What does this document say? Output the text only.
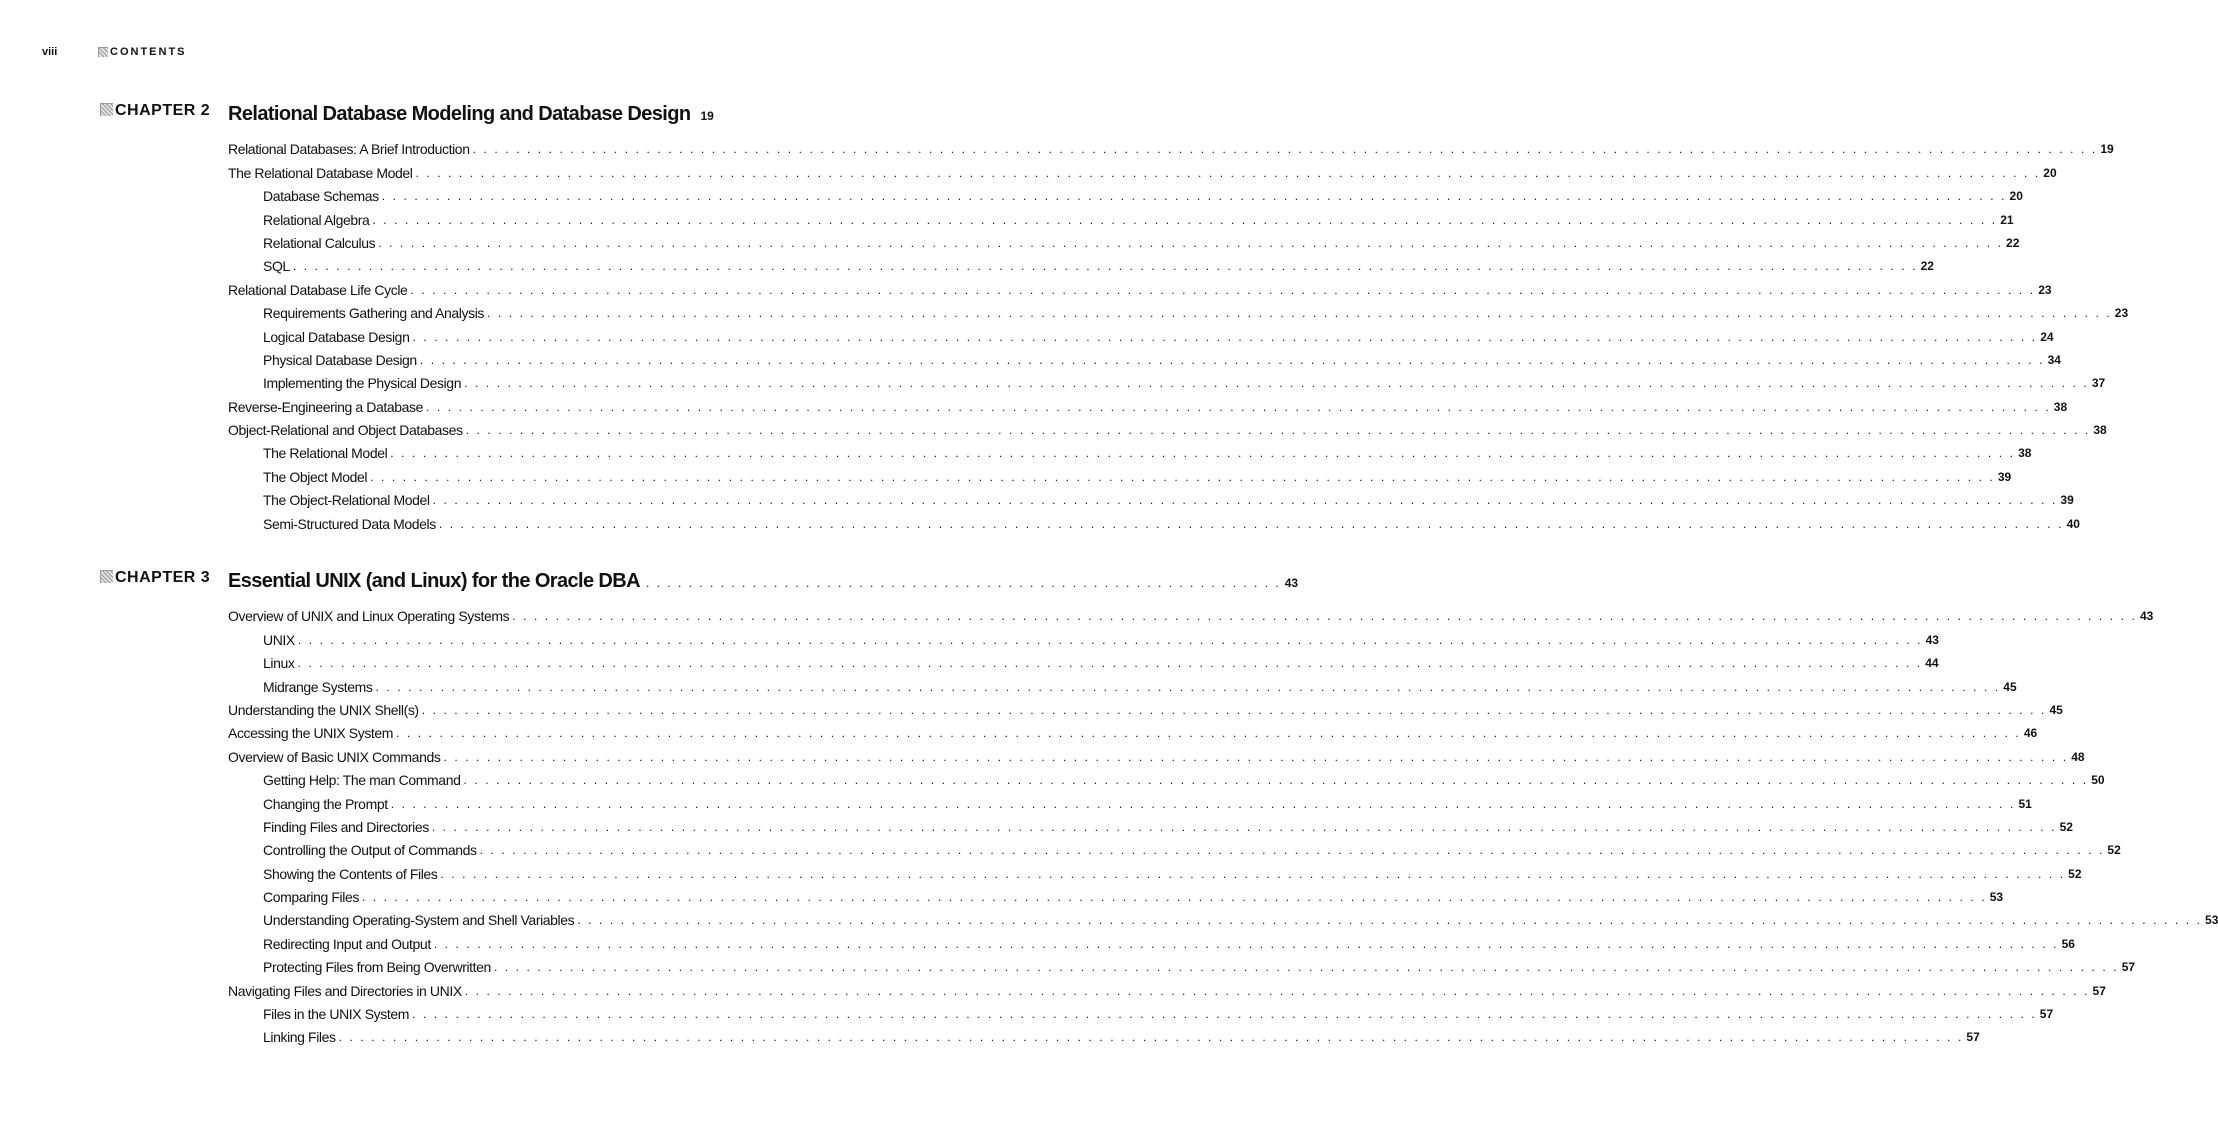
viii	CONTENTS
CHAPTER 2 Relational Database Modeling and Database Design 19
Relational Databases: A Brief Introduction . . . . . . . . . . . . . . . . . . . . . . . . . . . . . . . . . . . . . . . . . . . . . . . . . . . . . . . . . . . . . . . . . . . . . . . . . . . . . . . . . . . . . . . . . . . . . . . . . . . . . . . . . . . . . . . . . . . . . . . . . . . . . . . . . . . . . . . . . . . . . . . . . . . . . . 19
The Relational Database Model . . . . . . . . . . . . . . . . . . . . . . . . . . . . . . . . . . . . . . . . . . . . . . . . . . . . . . . . . . . . . . . . . . . . . . . . . . . . . . . . . . . . . . . . . . . . . . . . . . . . . . . . . . . . . . . . . . . . . . . . . . . . . . . . . . . . . . . . . . . . . . . . . . . . . . 20
Database Schemas . . . . . . . . . . . . . . . . . . . . . . . . . . . . . . . . . . . . . . . . . . . . . . . . . . . . . . . . . . . . . . . . . . . . . . . . . . . . . . . . . . . . . . . . . . . . . . . . . . . . . . . . . . . . . . . . . . . . . . . . . . . . . . . . . . . . . . . . . . . . . . . . . . . . . . 20
Relational Algebra . . . . . . . . . . . . . . . . . . . . . . . . . . . . . . . . . . . . . . . . . . . . . . . . . . . . . . . . . . . . . . . . . . . . . . . . . . . . . . . . . . . . . . . . . . . . . . . . . . . . . . . . . . . . . . . . . . . . . . . . . . . . . . . . . . . . . . . . . . . . . . . . . . . . . . 21
Relational Calculus . . . . . . . . . . . . . . . . . . . . . . . . . . . . . . . . . . . . . . . . . . . . . . . . . . . . . . . . . . . . . . . . . . . . . . . . . . . . . . . . . . . . . . . . . . . . . . . . . . . . . . . . . . . . . . . . . . . . . . . . . . . . . . . . . . . . . . . . . . . . . . . . . . . . . . 22
SQL . . . . . . . . . . . . . . . . . . . . . . . . . . . . . . . . . . . . . . . . . . . . . . . . . . . . . . . . . . . . . . . . . . . . . . . . . . . . . . . . . . . . . . . . . . . . . . . . . . . . . . . . . . . . . . . . . . . . . . . . . . . . . . . . . . . . . . . . . . . . . . . . . . . . . . 22
Relational Database Life Cycle . . . . . . . . . . . . . . . . . . . . . . . . . . . . . . . . . . . . . . . . . . . . . . . . . . . . . . . . . . . . . . . . . . . . . . . . . . . . . . . . . . . . . . . . . . . . . . . . . . . . . . . . . . . . . . . . . . . . . . . . . . . . . . . . . . . . . . . . . . . . . . . . . . . . . . 23
Requirements Gathering and Analysis . . . . . . . . . . . . . . . . . . . . . . . . . . . . . . . . . . . . . . . . . . . . . . . . . . . . . . . . . . . . . . . . . . . . . . . . . . . . . . . . . . . . . . . . . . . . . . . . . . . . . . . . . . . . . . . . . . . . . . . . . . . . . . . . . . . . . . . . . . . . . . . . . . . . . . 23
Logical Database Design . . . . . . . . . . . . . . . . . . . . . . . . . . . . . . . . . . . . . . . . . . . . . . . . . . . . . . . . . . . . . . . . . . . . . . . . . . . . . . . . . . . . . . . . . . . . . . . . . . . . . . . . . . . . . . . . . . . . . . . . . . . . . . . . . . . . . . . . . . . . . . . . . . . . . . 24
Physical Database Design . . . . . . . . . . . . . . . . . . . . . . . . . . . . . . . . . . . . . . . . . . . . . . . . . . . . . . . . . . . . . . . . . . . . . . . . . . . . . . . . . . . . . . . . . . . . . . . . . . . . . . . . . . . . . . . . . . . . . . . . . . . . . . . . . . . . . . . . . . . . . . . . . . . . . . 34
Implementing the Physical Design . . . . . . . . . . . . . . . . . . . . . . . . . . . . . . . . . . . . . . . . . . . . . . . . . . . . . . . . . . . . . . . . . . . . . . . . . . . . . . . . . . . . . . . . . . . . . . . . . . . . . . . . . . . . . . . . . . . . . . . . . . . . . . . . . . . . . . . . . . . . . . . . . . . . . . 37
Reverse-Engineering a Database . . . . . . . . . . . . . . . . . . . . . . . . . . . . . . . . . . . . . . . . . . . . . . . . . . . . . . . . . . . . . . . . . . . . . . . . . . . . . . . . . . . . . . . . . . . . . . . . . . . . . . . . . . . . . . . . . . . . . . . . . . . . . . . . . . . . . . . . . . . . . . . . . . . . . . 38
Object-Relational and Object Databases . . . . . . . . . . . . . . . . . . . . . . . . . . . . . . . . . . . . . . . . . . . . . . . . . . . . . . . . . . . . . . . . . . . . . . . . . . . . . . . . . . . . . . . . . . . . . . . . . . . . . . . . . . . . . . . . . . . . . . . . . . . . . . . . . . . . . . . . . . . . . . . . . . . . . . 38
The Relational Model . . . . . . . . . . . . . . . . . . . . . . . . . . . . . . . . . . . . . . . . . . . . . . . . . . . . . . . . . . . . . . . . . . . . . . . . . . . . . . . . . . . . . . . . . . . . . . . . . . . . . . . . . . . . . . . . . . . . . . . . . . . . . . . . . . . . . . . . . . . . . . . . . . . . . . 38
The Object Model . . . . . . . . . . . . . . . . . . . . . . . . . . . . . . . . . . . . . . . . . . . . . . . . . . . . . . . . . . . . . . . . . . . . . . . . . . . . . . . . . . . . . . . . . . . . . . . . . . . . . . . . . . . . . . . . . . . . . . . . . . . . . . . . . . . . . . . . . . . . . . . . . . . . . . 39
The Object-Relational Model . . . . . . . . . . . . . . . . . . . . . . . . . . . . . . . . . . . . . . . . . . . . . . . . . . . . . . . . . . . . . . . . . . . . . . . . . . . . . . . . . . . . . . . . . . . . . . . . . . . . . . . . . . . . . . . . . . . . . . . . . . . . . . . . . . . . . . . . . . . . . . . . . . . . . . 39
Semi-Structured Data Models . . . . . . . . . . . . . . . . . . . . . . . . . . . . . . . . . . . . . . . . . . . . . . . . . . . . . . . . . . . . . . . . . . . . . . . . . . . . . . . . . . . . . . . . . . . . . . . . . . . . . . . . . . . . . . . . . . . . . . . . . . . . . . . . . . . . . . . . . . . . . . . . . . . . . . 40
CHAPTER 3 Essential UNIX (and Linux) for the Oracle DBA . . . . . . . . . . . . . . . . . . . . . . . . . . . . . . . . . . . . . . . . . . . . . . . . . . . . . . . . . . . . 43
Overview of UNIX and Linux Operating Systems . . . . . . . . . . . . . . . . . . . . . . . . . . . . . . . . . . . . . . . . . . . . . . . . . . . . . . . . . . . . . . . . . . . . . . . . . . . . . . . . . . . . . . . . . . . . . . . . . . . . . . . . . . . . . . . . . . . . . . . . . . . . . . . . . . . . . . . . . . . . . . . . . . . . . . 43
UNIX . . . . . . . . . . . . . . . . . . . . . . . . . . . . . . . . . . . . . . . . . . . . . . . . . . . . . . . . . . . . . . . . . . . . . . . . . . . . . . . . . . . . . . . . . . . . . . . . . . . . . . . . . . . . . . . . . . . . . . . . . . . . . . . . . . . . . . . . . . . . . . . . . . . . . . 43
Linux . . . . . . . . . . . . . . . . . . . . . . . . . . . . . . . . . . . . . . . . . . . . . . . . . . . . . . . . . . . . . . . . . . . . . . . . . . . . . . . . . . . . . . . . . . . . . . . . . . . . . . . . . . . . . . . . . . . . . . . . . . . . . . . . . . . . . . . . . . . . . . . . . . . . . . 44
Midrange Systems . . . . . . . . . . . . . . . . . . . . . . . . . . . . . . . . . . . . . . . . . . . . . . . . . . . . . . . . . . . . . . . . . . . . . . . . . . . . . . . . . . . . . . . . . . . . . . . . . . . . . . . . . . . . . . . . . . . . . . . . . . . . . . . . . . . . . . . . . . . . . . . . . . . . . . 45
Understanding the UNIX Shell(s) . . . . . . . . . . . . . . . . . . . . . . . . . . . . . . . . . . . . . . . . . . . . . . . . . . . . . . . . . . . . . . . . . . . . . . . . . . . . . . . . . . . . . . . . . . . . . . . . . . . . . . . . . . . . . . . . . . . . . . . . . . . . . . . . . . . . . . . . . . . . . . . . . . . . . . 45
Accessing the UNIX System . . . . . . . . . . . . . . . . . . . . . . . . . . . . . . . . . . . . . . . . . . . . . . . . . . . . . . . . . . . . . . . . . . . . . . . . . . . . . . . . . . . . . . . . . . . . . . . . . . . . . . . . . . . . . . . . . . . . . . . . . . . . . . . . . . . . . . . . . . . . . . . . . . . . . . 46
Overview of Basic UNIX Commands . . . . . . . . . . . . . . . . . . . . . . . . . . . . . . . . . . . . . . . . . . . . . . . . . . . . . . . . . . . . . . . . . . . . . . . . . . . . . . . . . . . . . . . . . . . . . . . . . . . . . . . . . . . . . . . . . . . . . . . . . . . . . . . . . . . . . . . . . . . . . . . . . . . . . . 48
Getting Help: The man Command . . . . . . . . . . . . . . . . . . . . . . . . . . . . . . . . . . . . . . . . . . . . . . . . . . . . . . . . . . . . . . . . . . . . . . . . . . . . . . . . . . . . . . . . . . . . . . . . . . . . . . . . . . . . . . . . . . . . . . . . . . . . . . . . . . . . . . . . . . . . . . . . . . . . . . 50
Changing the Prompt . . . . . . . . . . . . . . . . . . . . . . . . . . . . . . . . . . . . . . . . . . . . . . . . . . . . . . . . . . . . . . . . . . . . . . . . . . . . . . . . . . . . . . . . . . . . . . . . . . . . . . . . . . . . . . . . . . . . . . . . . . . . . . . . . . . . . . . . . . . . . . . . . . . . . . 51
Finding Files and Directories . . . . . . . . . . . . . . . . . . . . . . . . . . . . . . . . . . . . . . . . . . . . . . . . . . . . . . . . . . . . . . . . . . . . . . . . . . . . . . . . . . . . . . . . . . . . . . . . . . . . . . . . . . . . . . . . . . . . . . . . . . . . . . . . . . . . . . . . . . . . . . . . . . . . . . 52
Controlling the Output of Commands . . . . . . . . . . . . . . . . . . . . . . . . . . . . . . . . . . . . . . . . . . . . . . . . . . . . . . . . . . . . . . . . . . . . . . . . . . . . . . . . . . . . . . . . . . . . . . . . . . . . . . . . . . . . . . . . . . . . . . . . . . . . . . . . . . . . . . . . . . . . . . . . . . . . . . 52
Showing the Contents of Files . . . . . . . . . . . . . . . . . . . . . . . . . . . . . . . . . . . . . . . . . . . . . . . . . . . . . . . . . . . . . . . . . . . . . . . . . . . . . . . . . . . . . . . . . . . . . . . . . . . . . . . . . . . . . . . . . . . . . . . . . . . . . . . . . . . . . . . . . . . . . . . . . . . . . . 52
Comparing Files . . . . . . . . . . . . . . . . . . . . . . . . . . . . . . . . . . . . . . . . . . . . . . . . . . . . . . . . . . . . . . . . . . . . . . . . . . . . . . . . . . . . . . . . . . . . . . . . . . . . . . . . . . . . . . . . . . . . . . . . . . . . . . . . . . . . . . . . . . . . . . . . . . . . . . 53
Understanding Operating-System and Shell Variables . . . . . . . . . . . . . . . . . . . . . . . . . . . . . . . . . . . . . . . . . . . . . . . . . . . . . . . . . . . . . . . . . . . . . . . . . . . . . . . . . . . . . . . . . . . . . . . . . . . . . . . . . . . . . . . . . . . . . . . . . . . . . . . . . . . . . . . . . . . . . . . . . . . . . . 53
Redirecting Input and Output . . . . . . . . . . . . . . . . . . . . . . . . . . . . . . . . . . . . . . . . . . . . . . . . . . . . . . . . . . . . . . . . . . . . . . . . . . . . . . . . . . . . . . . . . . . . . . . . . . . . . . . . . . . . . . . . . . . . . . . . . . . . . . . . . . . . . . . . . . . . . . . . . . . . . . 56
Protecting Files from Being Overwritten . . . . . . . . . . . . . . . . . . . . . . . . . . . . . . . . . . . . . . . . . . . . . . . . . . . . . . . . . . . . . . . . . . . . . . . . . . . . . . . . . . . . . . . . . . . . . . . . . . . . . . . . . . . . . . . . . . . . . . . . . . . . . . . . . . . . . . . . . . . . . . . . . . . . . . 57
Navigating Files and Directories in UNIX . . . . . . . . . . . . . . . . . . . . . . . . . . . . . . . . . . . . . . . . . . . . . . . . . . . . . . . . . . . . . . . . . . . . . . . . . . . . . . . . . . . . . . . . . . . . . . . . . . . . . . . . . . . . . . . . . . . . . . . . . . . . . . . . . . . . . . . . . . . . . . . . . . . . . . 57
Files in the UNIX System . . . . . . . . . . . . . . . . . . . . . . . . . . . . . . . . . . . . . . . . . . . . . . . . . . . . . . . . . . . . . . . . . . . . . . . . . . . . . . . . . . . . . . . . . . . . . . . . . . . . . . . . . . . . . . . . . . . . . . . . . . . . . . . . . . . . . . . . . . . . . . . . . . . . . . 57
Linking Files . . . . . . . . . . . . . . . . . . . . . . . . . . . . . . . . . . . . . . . . . . . . . . . . . . . . . . . . . . . . . . . . . . . . . . . . . . . . . . . . . . . . . . . . . . . . . . . . . . . . . . . . . . . . . . . . . . . . . . . . . . . . . . . . . . . . . . . . . . . . . . . . . . . . . . 57
